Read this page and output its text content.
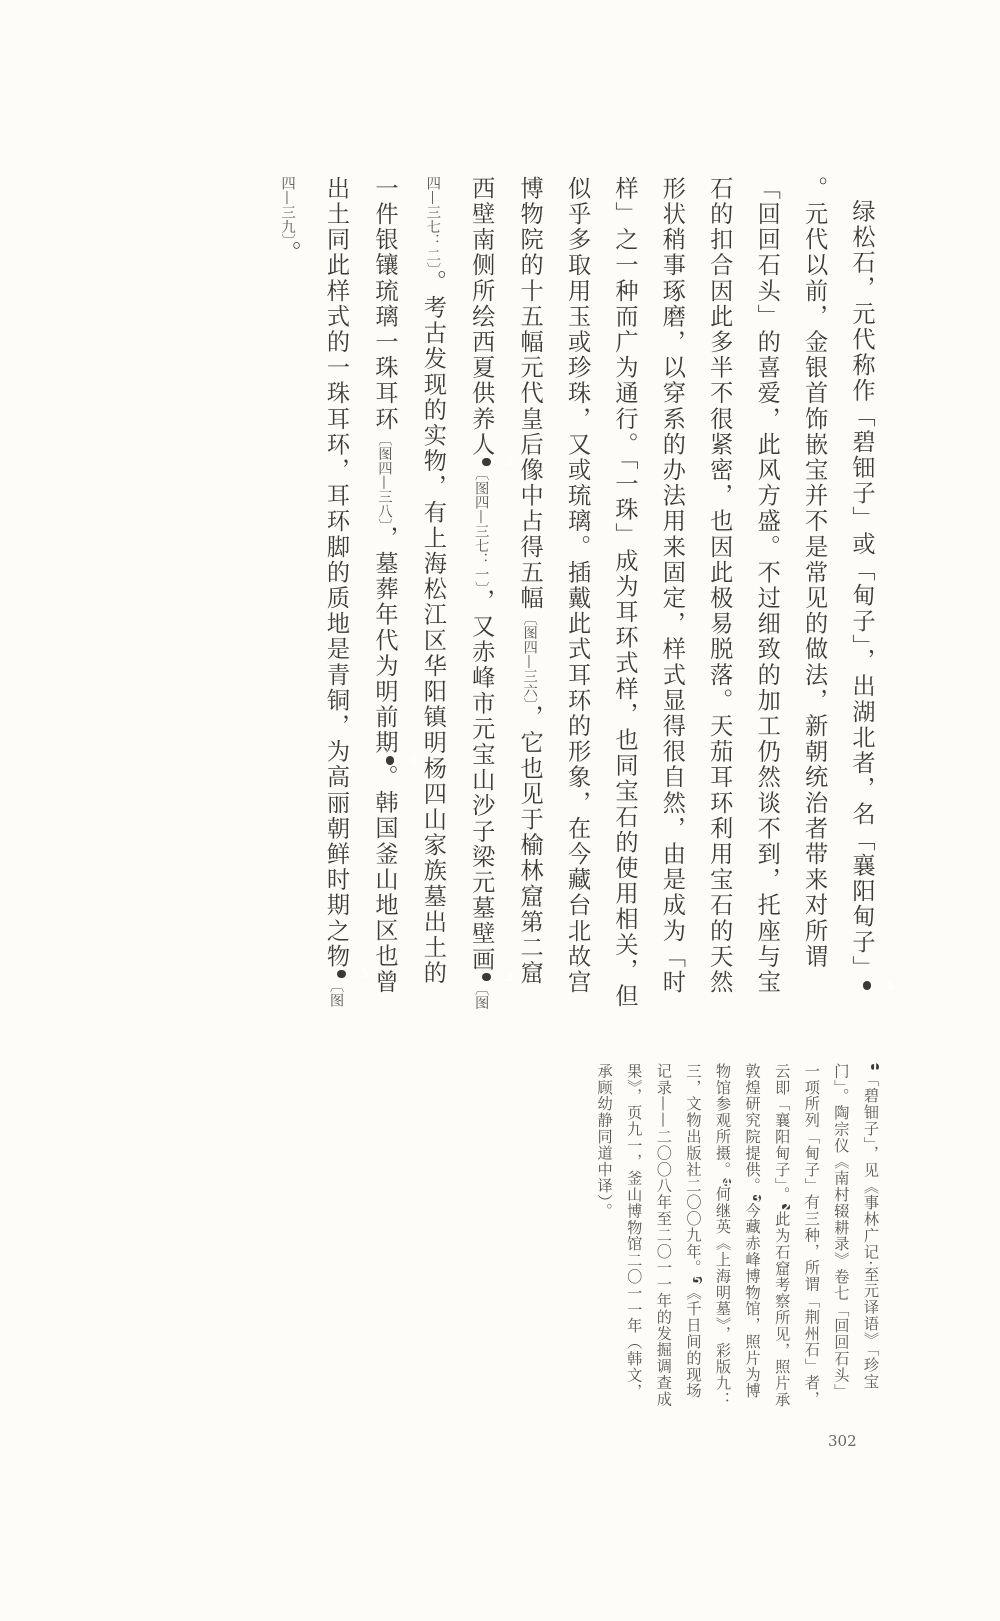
绿松石，元代称作「碧钿子」或「甸子」，出湖北者，名「襄阳甸子」1。元代以前，金银首饰嵌宝并不是常见的做法，新朝统治者带来对所谓「回回石头」的喜爱，此风方盛。不过细致的加工仍然谈不到，托座与宝石的扣合因此多半不很紧密，也因此极易脱落。天茄耳环利用宝石的天然形状稍事琢磨，以穿系的办法用来固定，样式显得很自然，由是成为「时样」之一种而广为通行。「一珠」成为耳环式样，也同宝石的使用相关，但似乎多取用玉或珍珠，又或琉璃。插戴此式耳环的形象，在今藏台北故宫博物院的十五幅元代皇后像中占得五幅〔图四—三六〕，它也见于榆林窟第二窟西壁南侧所绘西夏供养人2〔图四—三七：一〕，又赤峰市元宝山沙子梁元墓壁画3〔图四—三七：二〕。考古发现的实物，有上海松江区华阳镇明杨四山家族墓出土的一件银镶琉璃一珠耳环〔图四—三八〕，墓葬年代为明前期4。韩国釜山地区也曾出土同此样式的一珠耳环，耳环脚的质地是青铜，为高丽朝鲜时期之物5〔图四—三九〕。

1「碧钿子」，见《事林广记·至元译语》「珍宝门」。陶宗仪《南村辍耕录》卷七「回回石头」一项所列「甸子」有三种，所谓「荆州石」者，云即「襄阳甸子」。2此为石窟考察所见，照片承敦煌研究院提供。3今藏赤峰博物馆，照片为博物馆参观所摄。4何继英《上海明墓》，彩版九：三，文物出版社二〇〇九年。5《千日间的现场记录——二〇〇八年至二〇一一年的发掘调查成果》，页九一，釜山博物馆二〇一一年（韩文，承顾幼静同道中译）。

302
